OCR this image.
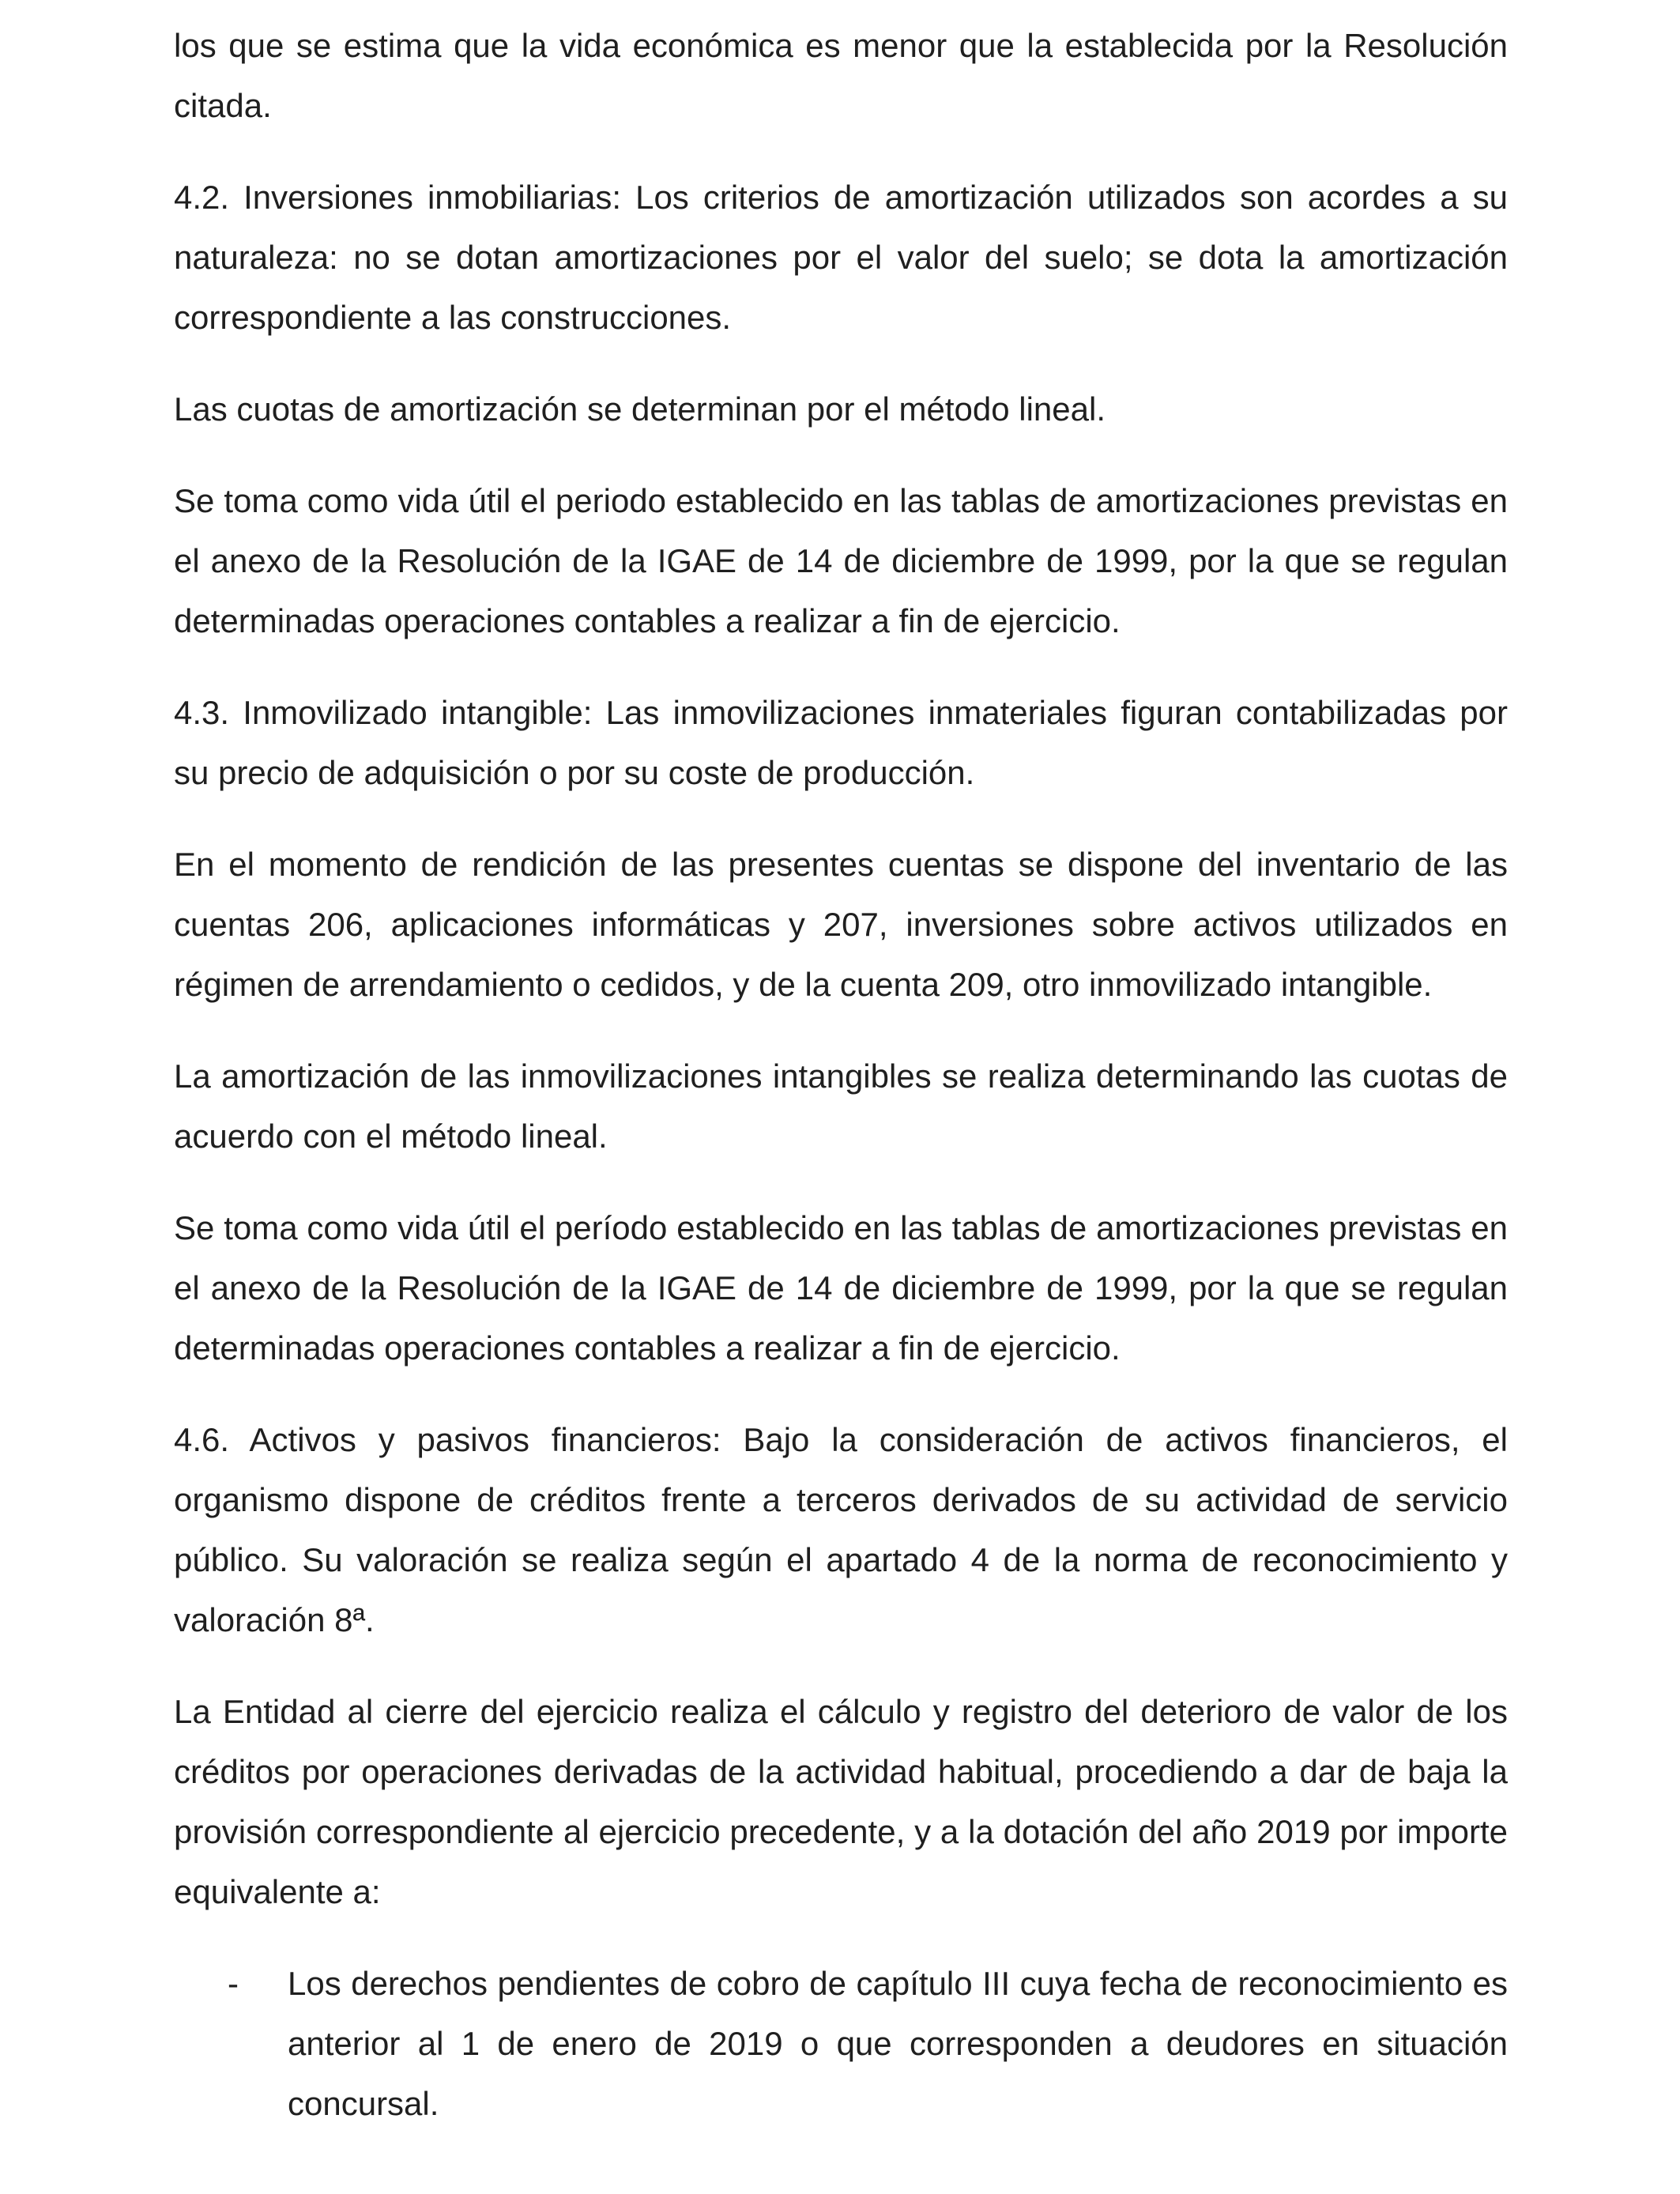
los que se estima que la vida económica es menor que la establecida por la Resolución citada.

4.2. Inversiones inmobiliarias: Los criterios de amortización utilizados son acordes a su naturaleza: no se dotan amortizaciones por el valor del suelo; se dota la amortización correspondiente a las construcciones.

Las cuotas de amortización se determinan por el método lineal.

Se toma como vida útil el periodo establecido en las tablas de amortizaciones previstas en el anexo de la Resolución de la IGAE de 14 de diciembre de 1999, por la que se regulan determinadas operaciones contables a realizar a fin de ejercicio.

4.3. Inmovilizado intangible: Las inmovilizaciones inmateriales figuran contabilizadas por su precio de adquisición o por su coste de producción.

En el momento de rendición de las presentes cuentas se dispone del inventario de las cuentas 206, aplicaciones informáticas y 207, inversiones sobre activos utilizados en régimen de arrendamiento o cedidos, y de la cuenta 209, otro inmovilizado intangible.

La amortización de las inmovilizaciones intangibles se realiza determinando las cuotas de acuerdo con el método lineal.

Se toma como vida útil el período establecido en las tablas de amortizaciones previstas en el anexo de la Resolución de la IGAE de 14 de diciembre de 1999, por la que se regulan determinadas operaciones contables a realizar a fin de ejercicio.

4.6. Activos y pasivos financieros: Bajo la consideración de activos financieros, el organismo dispone de créditos frente a terceros derivados de su actividad de servicio público. Su valoración se realiza según el apartado 4 de la norma de reconocimiento y valoración 8ª.

La Entidad al cierre del ejercicio realiza el cálculo y registro del deterioro de valor de los créditos por operaciones derivadas de la actividad habitual, procediendo a dar de baja la provisión correspondiente al ejercicio precedente, y a la dotación del año 2019 por importe equivalente a:

- Los derechos pendientes de cobro de capítulo III cuya fecha de reconocimiento es anterior al 1 de enero de 2019 o que corresponden a deudores en situación concursal.
